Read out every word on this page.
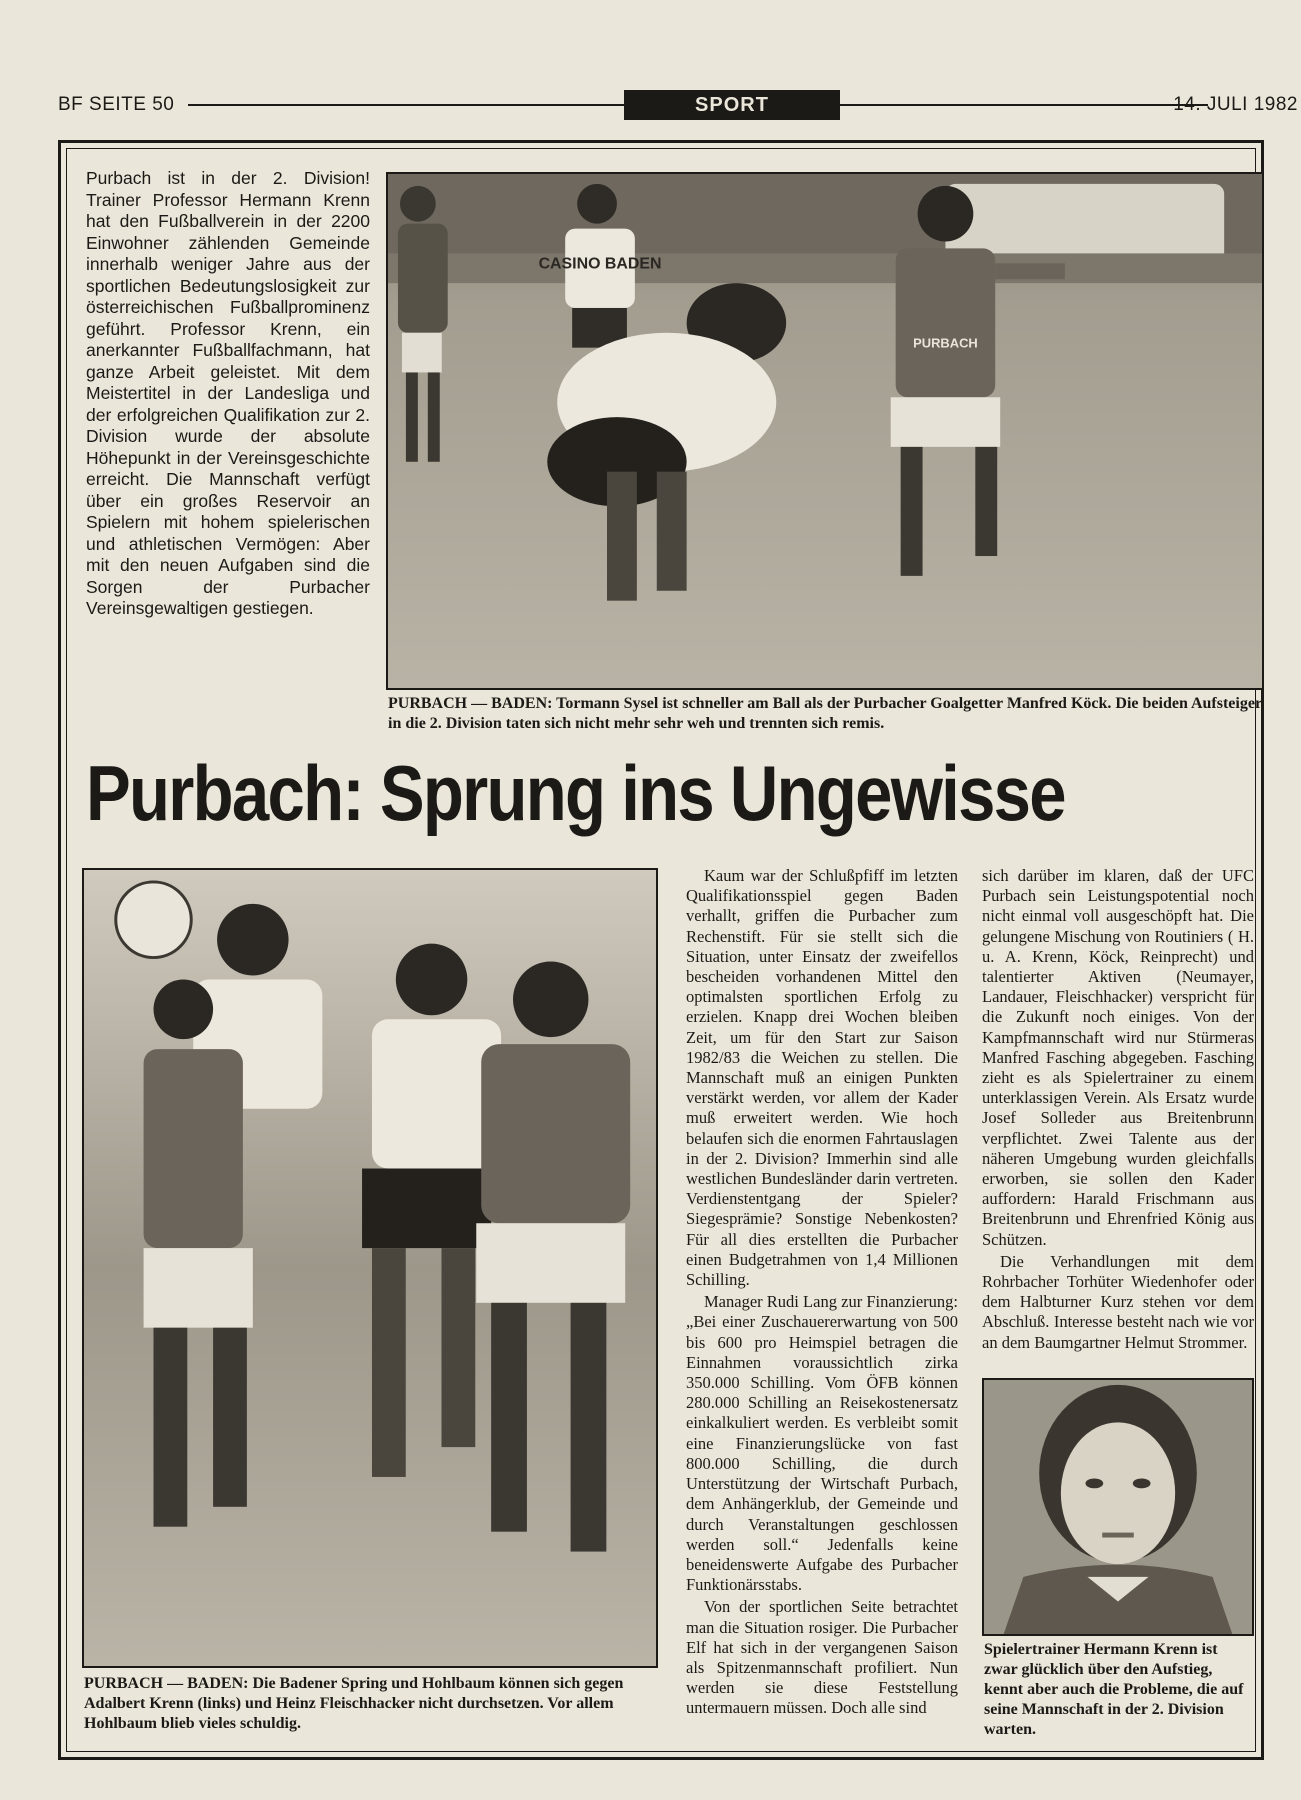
BF SEITE 50	SPORT	14. JULI 1982
Purbach ist in der 2. Division! Trainer Professor Hermann Krenn hat den Fußballverein in der 2200 Einwohner zählenden Gemeinde innerhalb weniger Jahre aus der sportlichen Bedeutungslosigkeit zur österreichischen Fußballprominenz geführt. Professor Krenn, ein anerkannter Fußballfachmann, hat ganze Arbeit geleistet. Mit dem Meistertitel in der Landesliga und der erfolgreichen Qualifikation zur 2. Division wurde der absolute Höhepunkt in der Vereinsgeschichte erreicht. Die Mannschaft verfügt über ein großes Reservoir an Spielern mit hohem spielerischen und athletischen Vermögen: Aber mit den neuen Aufgaben sind die Sorgen der Purbacher Vereinsgewaltigen gestiegen.
CASINO BADEN
PURBACH
PURBACH — BADEN: Tormann Sysel ist schneller am Ball als der Purbacher Goalgetter Manfred Köck. Die beiden Aufsteiger in die 2. Division taten sich nicht mehr sehr weh und trennten sich remis.
Purbach: Sprung ins Ungewisse
PURBACH — BADEN: Die Badener Spring und Hohlbaum können sich gegen Adalbert Krenn (links) und Heinz Fleischhacker nicht durchsetzen. Vor allem Hohlbaum blieb vieles schuldig.

Kaum war der Schlußpfiff im letzten Qualifikationsspiel gegen Baden verhallt, griffen die Purbacher zum Rechenstift. Für sie stellt sich die Situation, unter Einsatz der zweifellos bescheiden vorhandenen Mittel den optimalsten sportlichen Erfolg zu erzielen. Knapp drei Wochen bleiben Zeit, um für den Start zur Saison 1982/83 die Weichen zu stellen. Die Mannschaft muß an einigen Punkten verstärkt werden, vor allem der Kader muß erweitert werden. Wie hoch belaufen sich die enormen Fahrtauslagen in der 2. Division? Immerhin sind alle westlichen Bundesländer darin vertreten. Verdienstentgang der Spieler? Siegesprämie? Sonstige Nebenkosten? Für all dies erstellten die Purbacher einen Budgetrahmen von 1,4 Millionen Schilling.

Manager Rudi Lang zur Finanzierung: „Bei einer Zuschauererwartung von 500 bis 600 pro Heimspiel betragen die Einnahmen voraussichtlich zirka 350.000 Schilling. Vom ÖFB können 280.000 Schilling an Reisekostenersatz einkalkuliert werden. Es verbleibt somit eine Finanzierungslücke von fast 800.000 Schilling, die durch Unterstützung der Wirtschaft Purbach, dem Anhängerklub, der Gemeinde und durch Veranstaltungen geschlossen werden soll.“ Jedenfalls keine beneidenswerte Aufgabe des Purbacher Funktionärsstabs.

Von der sportlichen Seite betrachtet man die Situation rosiger. Die Purbacher Elf hat sich in der vergangenen Saison als Spitzenmannschaft profiliert. Nun werden sie diese Feststellung untermauern müssen. Doch alle sind

sich darüber im klaren, daß der UFC Purbach sein Leistungspotential noch nicht einmal voll ausgeschöpft hat. Die gelungene Mischung von Routiniers ( H. u. A. Krenn, Köck, Reinprecht) und talentierter Aktiven (Neumayer, Landauer, Fleischhacker) verspricht für die Zukunft noch einiges. Von der Kampfmannschaft wird nur Stürmeras Manfred Fasching abgegeben. Fasching zieht es als Spielertrainer zu einem unterklassigen Verein. Als Ersatz wurde Josef Solleder aus Breitenbrunn verpflichtet. Zwei Talente aus der näheren Umgebung wurden gleichfalls erworben, sie sollen den Kader auffordern: Harald Frischmann aus Breitenbrunn und Ehrenfried König aus Schützen.

Die Verhandlungen mit dem Rohrbacher Torhüter Wiedenhofer oder dem Halbturner Kurz stehen vor dem Abschluß. Interesse besteht nach wie vor an dem Baumgartner Helmut Strommer.

Spielertrainer Hermann Krenn ist zwar glücklich über den Aufstieg, kennt aber auch die Probleme, die auf seine Mannschaft in der 2. Division warten.
